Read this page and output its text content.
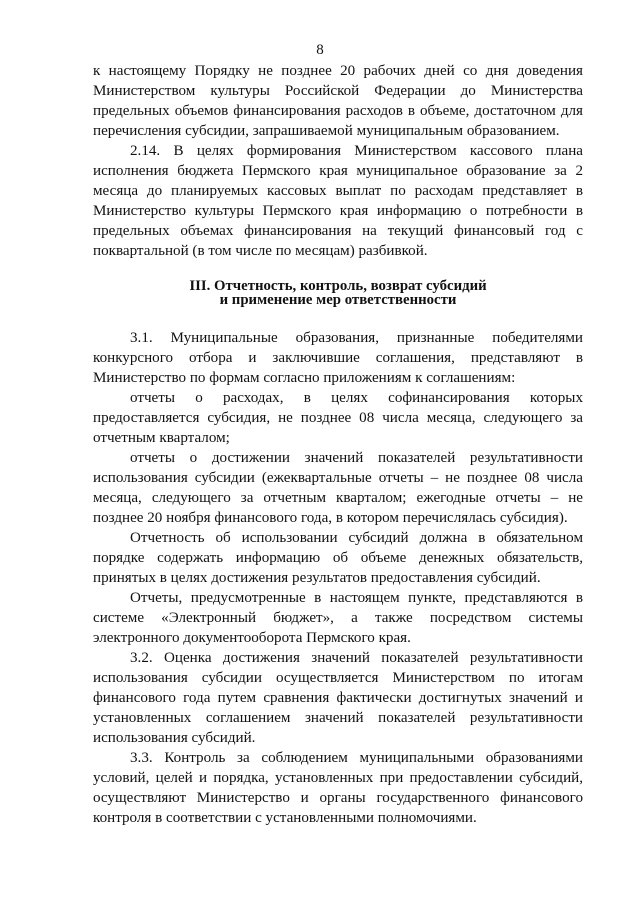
8

к настоящему Порядку не позднее 20 рабочих дней со дня доведения Министерством культуры Российской Федерации до Министерства предельных объемов финансирования расходов в объеме, достаточном для перечисления субсидии, запрашиваемой муниципальным образованием.

2.14. В целях формирования Министерством кассового плана исполнения бюджета Пермского края муниципальное образование за 2 месяца до планируемых кассовых выплат по расходам представляет в Министерство культуры Пермского края информацию о потребности в предельных объемах финансирования на текущий финансовый год с поквартальной (в том числе по месяцам) разбивкой.

III. Отчетность, контроль, возврат субсидий
и применение мер ответственности

3.1. Муниципальные образования, признанные победителями конкурсного отбора и заключившие соглашения, представляют в Министерство по формам согласно приложениям к соглашениям:

отчеты о расходах, в целях софинансирования которых предоставляется субсидия, не позднее 08 числа месяца, следующего за отчетным кварталом;

отчеты о достижении значений показателей результативности использования субсидии (ежеквартальные отчеты – не позднее 08 числа месяца, следующего за отчетным кварталом; ежегодные отчеты – не позднее 20 ноября финансового года, в котором перечислялась субсидия).

Отчетность об использовании субсидий должна в обязательном порядке содержать информацию об объеме денежных обязательств, принятых в целях достижения результатов предоставления субсидий.

Отчеты, предусмотренные в настоящем пункте, представляются в системе «Электронный бюджет», а также посредством системы электронного документооборота Пермского края.

3.2. Оценка достижения значений показателей результативности использования субсидии осуществляется Министерством по итогам финансового года путем сравнения фактически достигнутых значений и установленных соглашением значений показателей результативности использования субсидий.

3.3. Контроль за соблюдением муниципальными образованиями условий, целей и порядка, установленных при предоставлении субсидий, осуществляют Министерство и органы государственного финансового контроля в соответствии с установленными полномочиями.
